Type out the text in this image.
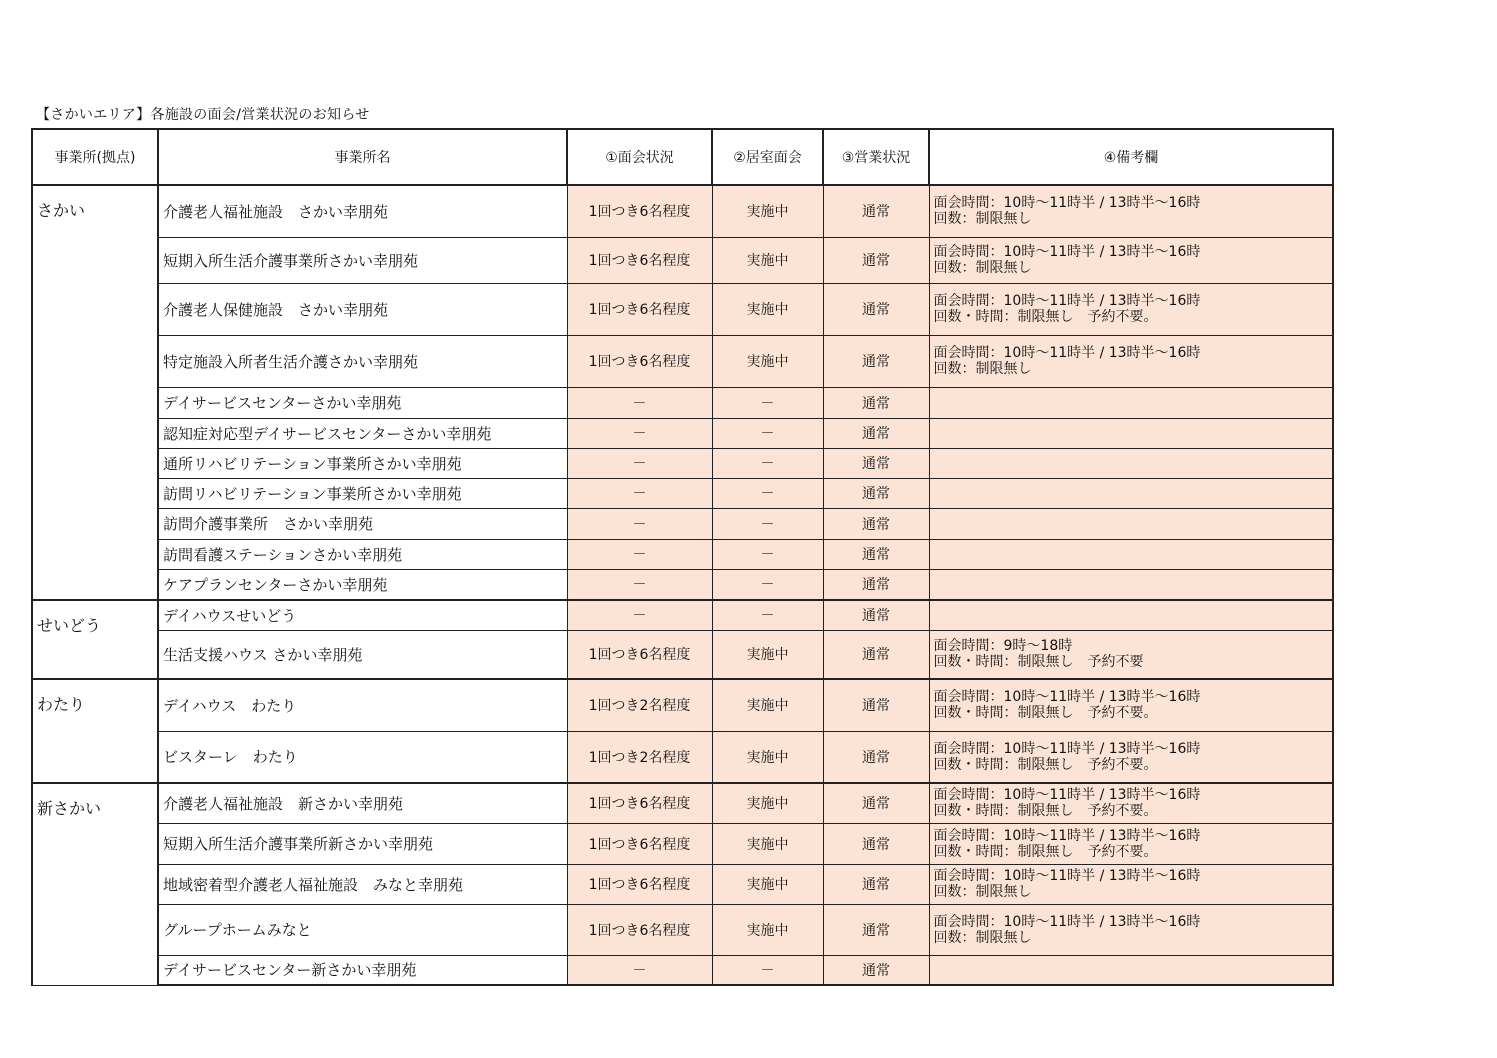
【さかいエリア】各施設の面会/営業状況のお知らせ
事業所(拠点)	事業所名	①面会状況	②居室面会	③営業状況	④備考欄
さかい	介護老人福祉施設　さかい幸朋苑	1回つき6名程度	実施中	通常	面会時間：10時～11時半 / 13時半～16時
回数：制限無し
	短期入所生活介護事業所さかい幸朋苑	1回つき6名程度	実施中	通常	面会時間：10時～11時半 / 13時半～16時
回数：制限無し
	介護老人保健施設　さかい幸朋苑	1回つき6名程度	実施中	通常	面会時間：10時～11時半 / 13時半～16時
回数・時間：制限無し　予約不要。
	特定施設入所者生活介護さかい幸朋苑	1回つき6名程度	実施中	通常	面会時間：10時～11時半 / 13時半～16時
回数：制限無し
	デイサービスセンターさかい幸朋苑	－	－	通常	
	認知症対応型デイサービスセンターさかい幸朋苑	－	－	通常	
	通所リハビリテーション事業所さかい幸朋苑	－	－	通常	
	訪問リハビリテーション事業所さかい幸朋苑	－	－	通常	
	訪問介護事業所　さかい幸朋苑	－	－	通常	
	訪問看護ステーションさかい幸朋苑	－	－	通常	
	ケアプランセンターさかい幸朋苑	－	－	通常	
せいどう	デイハウスせいどう	－	－	通常	
	生活支援ハウス さかい幸朋苑	1回つき6名程度	実施中	通常	面会時間：9時～18時
回数・時間：制限無し　予約不要
わたり	デイハウス　わたり	1回つき2名程度	実施中	通常	面会時間：10時～11時半 / 13時半～16時
回数・時間：制限無し　予約不要。
	ビスターレ　わたり	1回つき2名程度	実施中	通常	面会時間：10時～11時半 / 13時半～16時
回数・時間：制限無し　予約不要。
新さかい	介護老人福祉施設　新さかい幸朋苑	1回つき6名程度	実施中	通常	面会時間：10時～11時半 / 13時半～16時
回数・時間：制限無し　予約不要。
	短期入所生活介護事業所新さかい幸朋苑	1回つき6名程度	実施中	通常	面会時間：10時～11時半 / 13時半～16時
回数・時間：制限無し　予約不要。
	地域密着型介護老人福祉施設　みなと幸朋苑	1回つき6名程度	実施中	通常	面会時間：10時～11時半 / 13時半～16時
回数：制限無し
	グループホームみなと	1回つき6名程度	実施中	通常	面会時間：10時～11時半 / 13時半～16時
回数：制限無し
	デイサービスセンター新さかい幸朋苑	－	－	通常	
